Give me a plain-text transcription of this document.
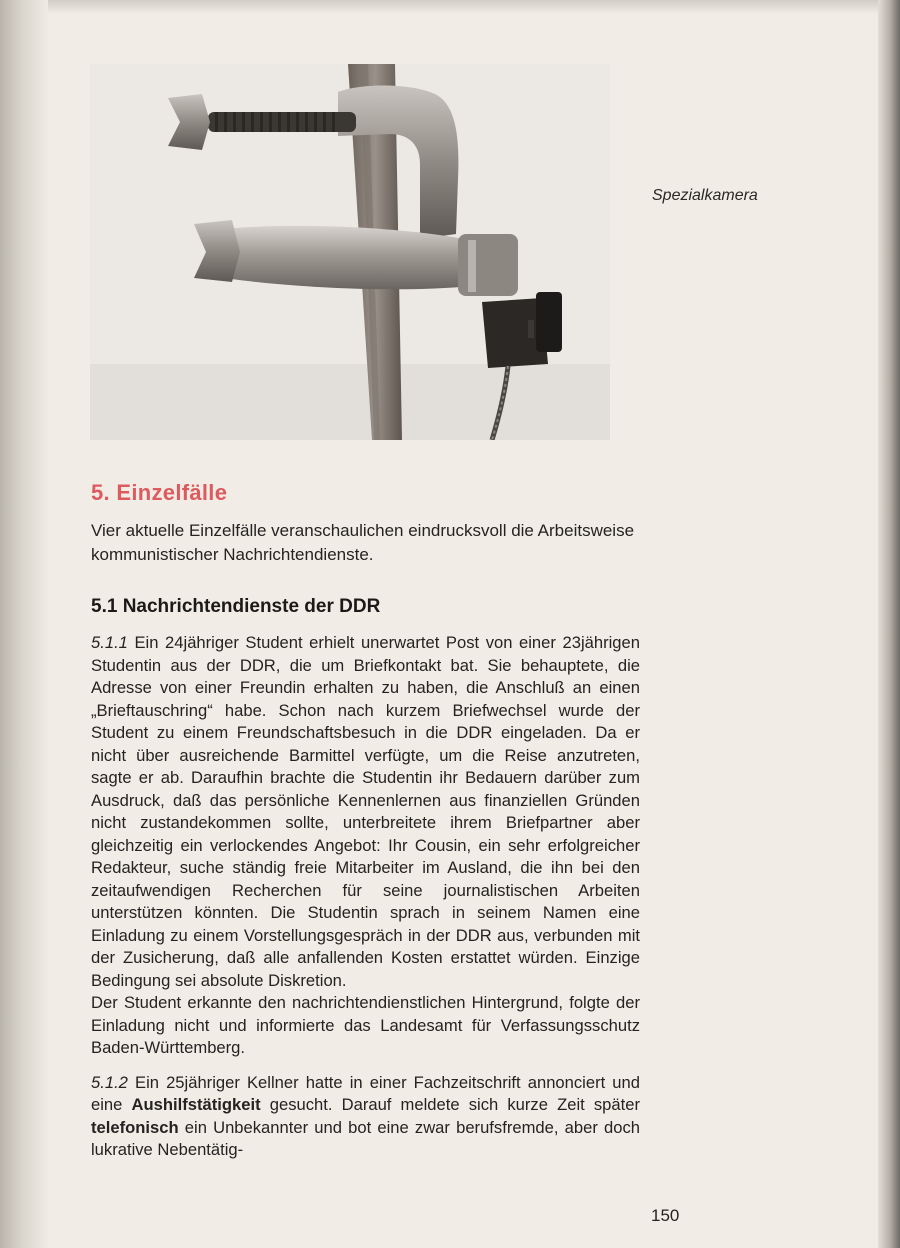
Spezialkamera
5. Einzelfälle

Vier aktuelle Einzelfälle veranschaulichen eindrucksvoll die Arbeitsweise kommunistischer Nachrichtendienste.

5.1 Nachrichtendienste der DDR

5.1.1 Ein 24jähriger Student erhielt unerwartet Post von einer 23jährigen Studentin aus der DDR, die um Briefkontakt bat. Sie behauptete, die Adresse von einer Freundin erhalten zu haben, die Anschluß an einen „Brieftauschring“ habe. Schon nach kurzem Briefwechsel wurde der Student zu einem Freundschaftsbesuch in die DDR eingeladen. Da er nicht über ausreichende Barmittel verfügte, um die Reise anzutreten, sagte er ab. Daraufhin brachte die Studentin ihr Bedauern darüber zum Ausdruck, daß das persönliche Kennenlernen aus finanziellen Gründen nicht zustandekommen sollte, unterbreitete ihrem Briefpartner aber gleichzeitig ein verlockendes Angebot: Ihr Cousin, ein sehr erfolgreicher Redakteur, suche ständig freie Mitarbeiter im Ausland, die ihn bei den zeitaufwendigen Recherchen für seine journalistischen Arbeiten unterstützen könnten. Die Studentin sprach in seinem Namen eine Einladung zu einem Vorstellungsgespräch in der DDR aus, verbunden mit der Zusicherung, daß alle anfallenden Kosten erstattet würden. Einzige Bedingung sei absolute Diskretion.

Der Student erkannte den nachrichtendienstlichen Hintergrund, folgte der Einladung nicht und informierte das Landesamt für Verfassungsschutz Baden-Württemberg.

5.1.2 Ein 25jähriger Kellner hatte in einer Fachzeitschrift annonciert und eine Aushilfstätigkeit gesucht. Darauf meldete sich kurze Zeit später telefonisch ein Unbekannter und bot eine zwar berufsfremde, aber doch lukrative Nebentätig-

150
